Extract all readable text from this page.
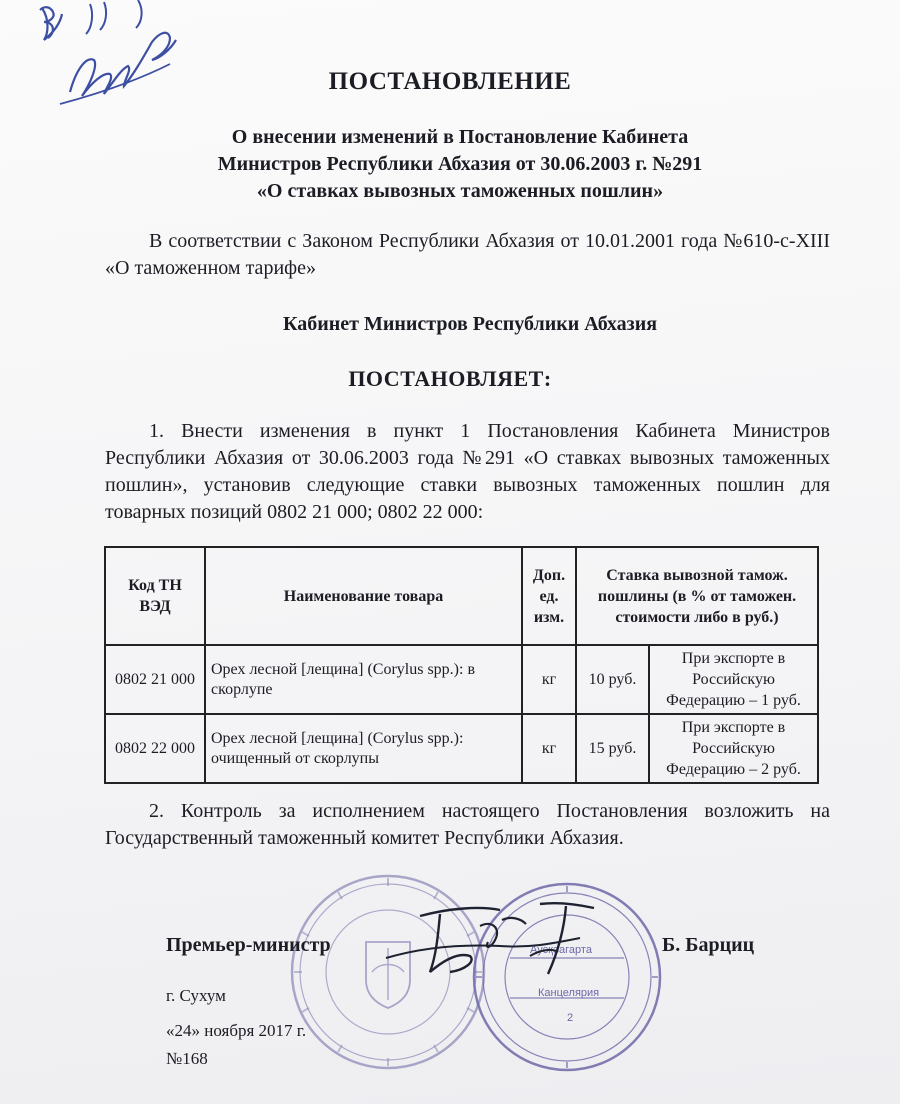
ПОСТАНОВЛЕНИЕ
О внесении изменений в Постановление Кабинета
Министров Республики Абхазия от 30.06.2003 г. №291
«О ставках вывозных таможенных пошлин»
В соответствии с Законом Республики Абхазия от 10.01.2001 года №610-с-XIII «О таможенном тарифе»
Кабинет Министров Республики Абхазия
ПОСТАНОВЛЯЕТ:
1. Внести изменения в пункт 1 Постановления Кабинета Министров Республики Абхазия от 30.06.2003 года №291 «О ставках вывозных таможенных пошлин», установив следующие ставки вывозных таможенных пошлин для товарных позиций 0802 21 000; 0802 22 000:
Код ТН ВЭД	Наименование товара	Доп. ед. изм.	Ставка вывозной тамож. пошлины (в % от таможен. стоимости либо в руб.)	
0802 21 000	Орех лесной [лещина] (Corylus spp.): в скорлупе	кг	10 руб.	При экспорте в Российскую Федерацию – 1 руб.
0802 22 000	Орех лесной [лещина] (Corylus spp.): очищенный от скорлупы	кг	15 руб.	При экспорте в Российскую Федерацию – 2 руб.
2. Контроль за исполнением настоящего Постановления возложить на Государственный таможенный комитет Республики Абхазия.
Аусқәагарта
Канцелярия
2
Премьер-министр	Б. Барциц
г. Сухум
«24» ноября 2017 г.
№168
